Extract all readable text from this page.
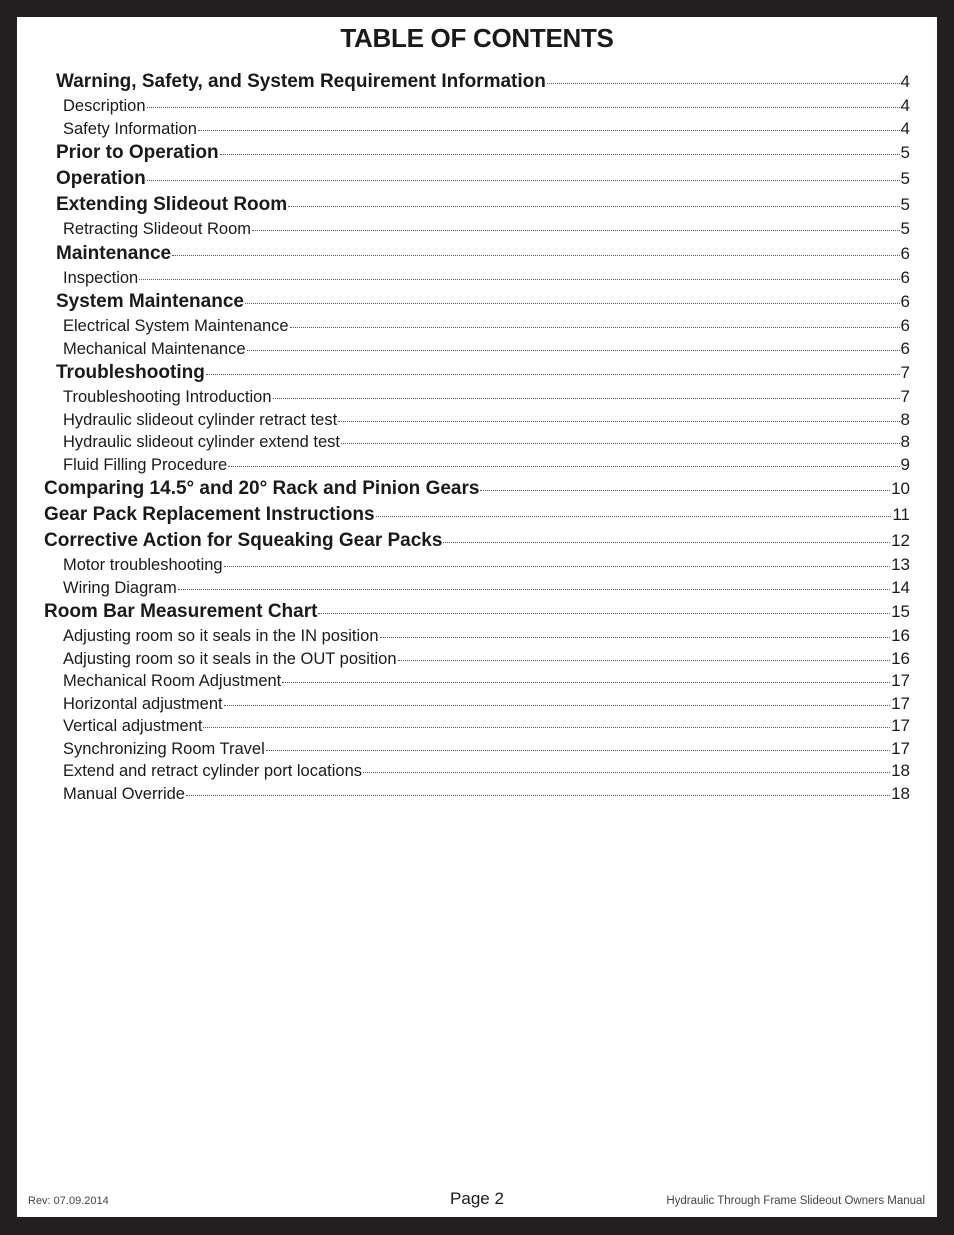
TABLE OF CONTENTS
Warning, Safety, and System Requirement Information	4
Description	4
Safety Information	4
Prior to Operation	5
Operation	5
Extending Slideout Room	5
Retracting Slideout Room	5
Maintenance	6
Inspection	6
System Maintenance	6
Electrical System Maintenance	6
Mechanical Maintenance	6
Troubleshooting	7
Troubleshooting Introduction	7
Hydraulic slideout cylinder retract test	8
Hydraulic slideout cylinder extend test	8
Fluid Filling Procedure	9
Comparing 14.5° and 20° Rack and Pinion Gears	10
Gear Pack Replacement Instructions	11
Corrective Action for Squeaking Gear Packs	12
Motor troubleshooting	13
Wiring Diagram	14
Room Bar Measurement Chart	15
Adjusting room so it seals in the IN position	16
Adjusting room so it seals in the OUT position	16
Mechanical Room Adjustment	17
Horizontal adjustment	17
Vertical adjustment	17
Synchronizing Room Travel	17
Extend and retract cylinder port locations	18
Manual Override	18
Rev: 07.09.2014	Page 2	Hydraulic Through Frame Slideout Owners Manual
